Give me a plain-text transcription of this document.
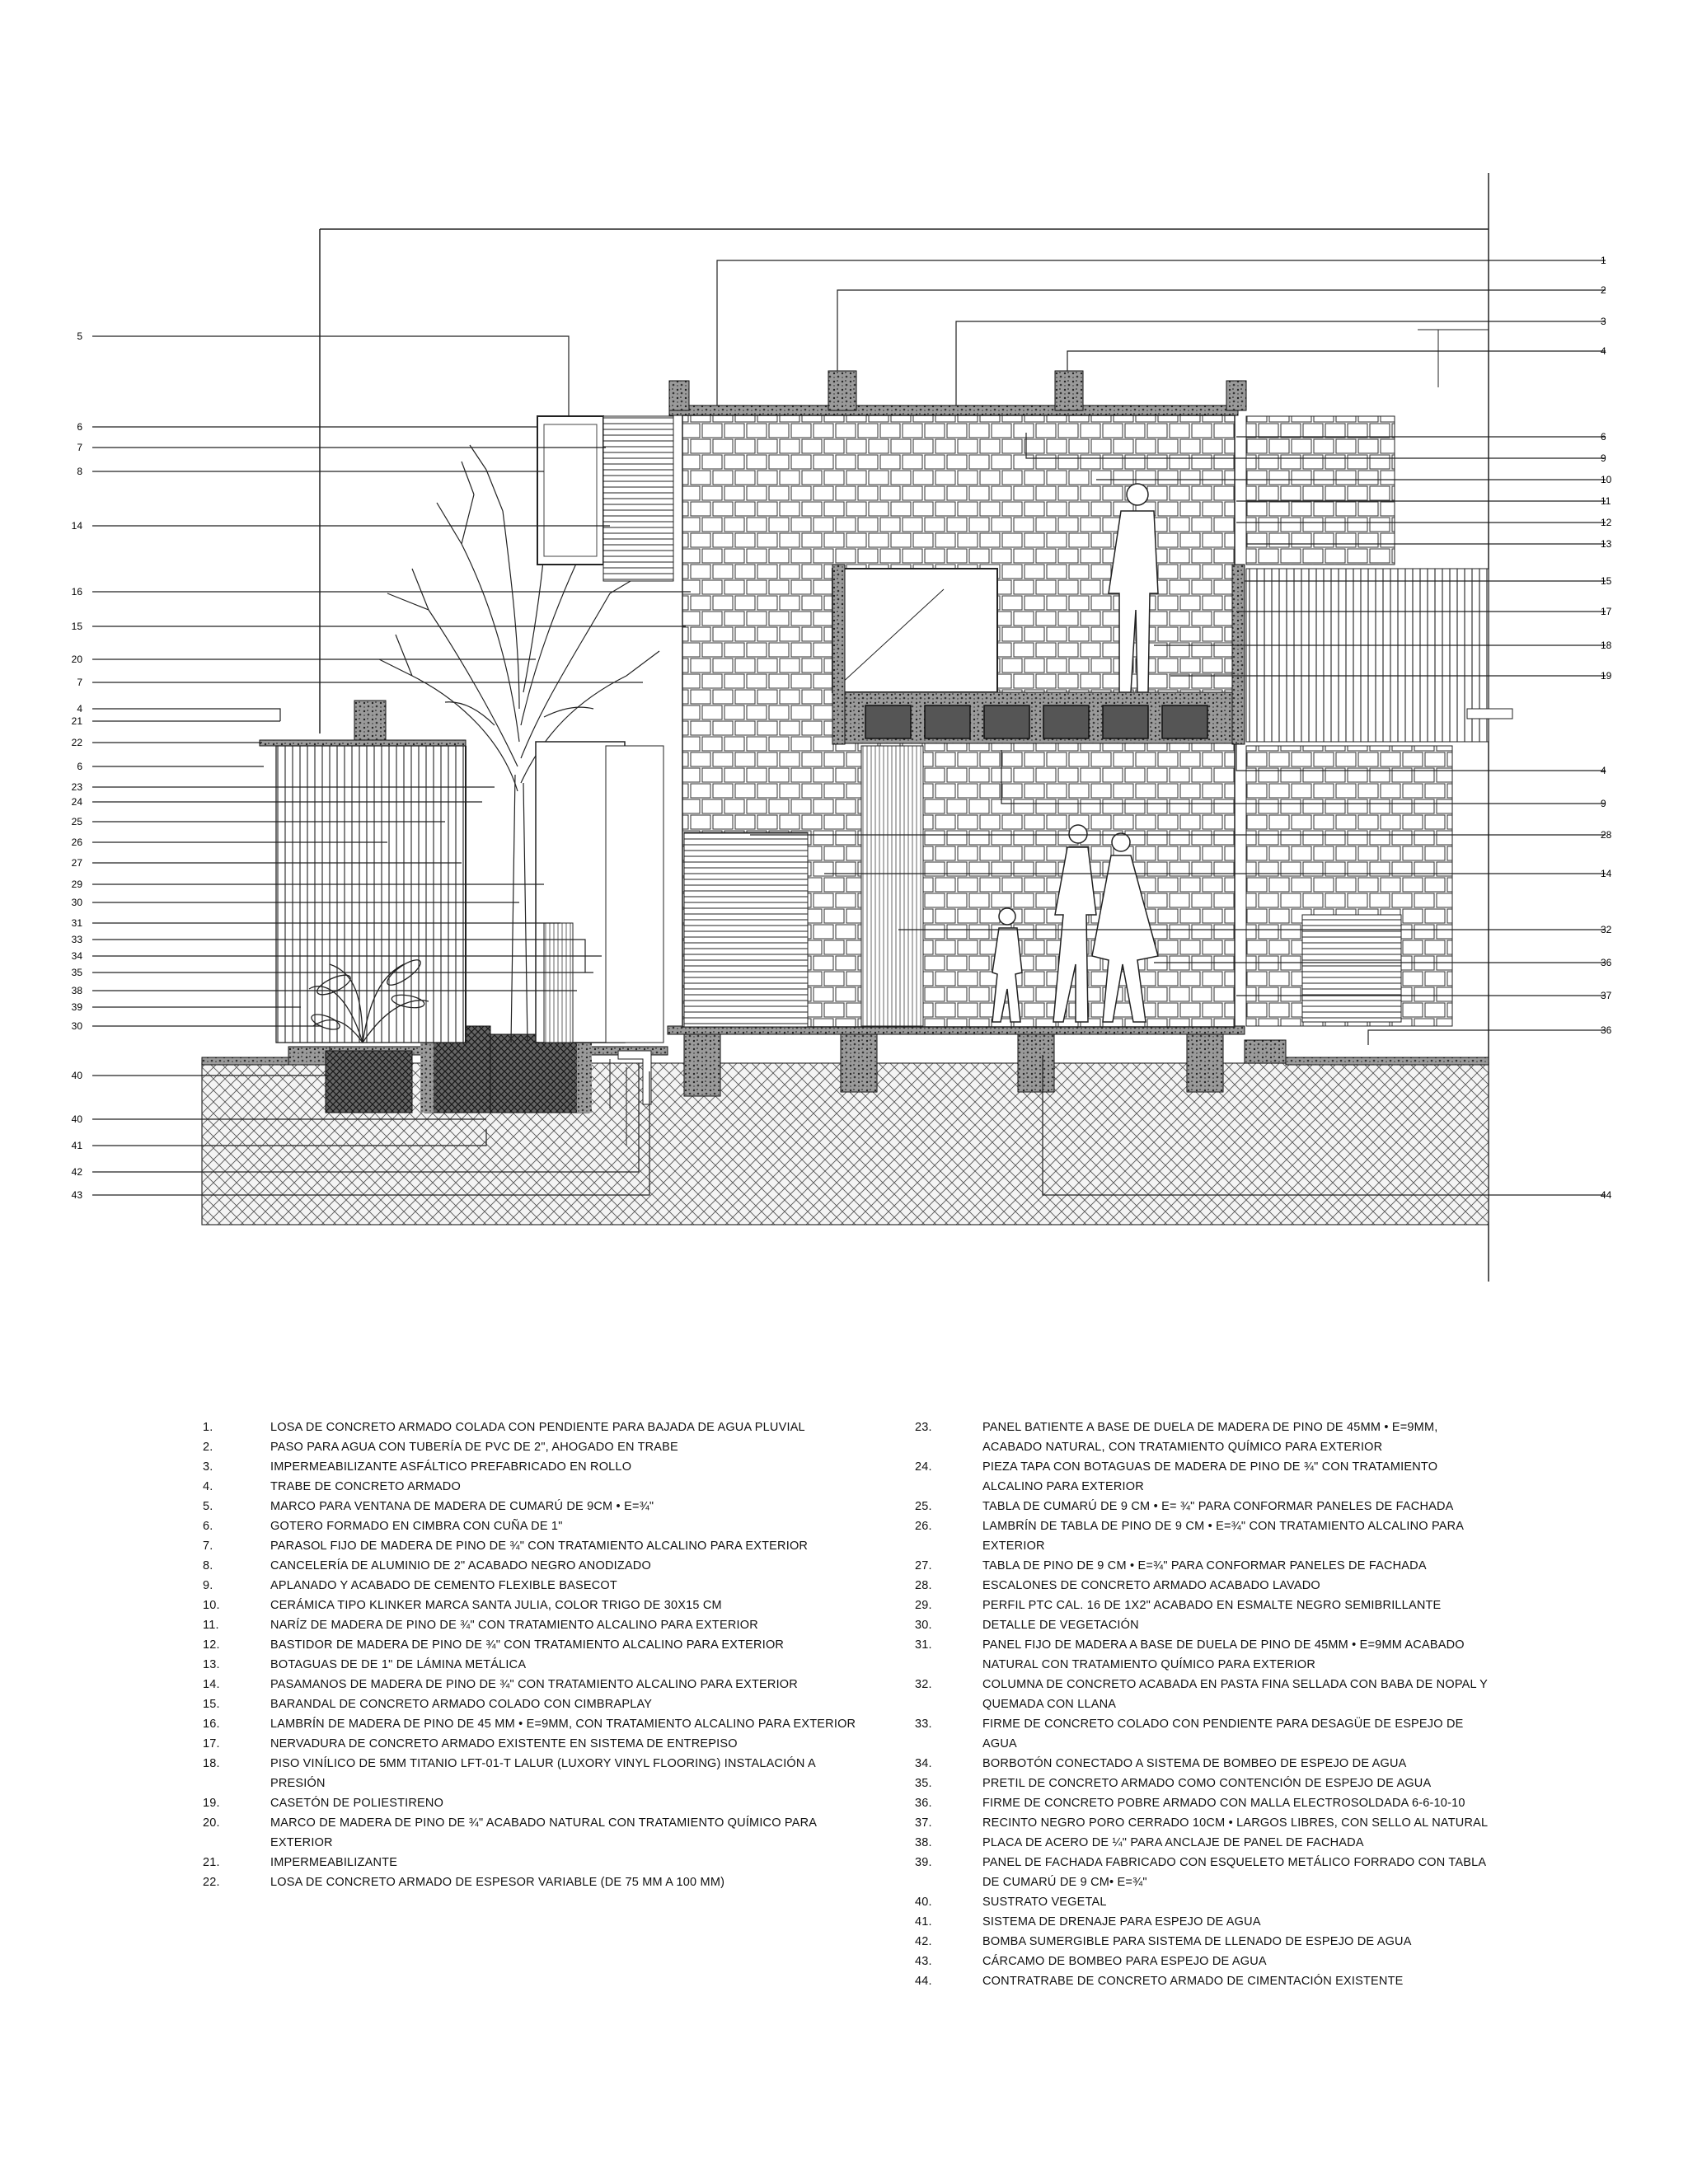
5
6
7
8
14
16
15
20
7
4
21
22
6
23
24
25
26
27
29
30
31
33
34
35
38
39
30
40
40
41
42
43
1
2
3
4
6
9
10
11
12
13
15
17
18
19
4
9
28
14
32
36
37
36
44
1.	LOSA DE CONCRETO ARMADO COLADA CON PENDIENTE PARA BAJADA DE AGUA PLUVIAL
2.	PASO PARA AGUA CON TUBERÍA DE PVC DE 2", AHOGADO EN TRABE
3.	IMPERMEABILIZANTE ASFÁLTICO PREFABRICADO EN ROLLO
4.	TRABE DE CONCRETO ARMADO
5.	MARCO PARA VENTANA DE MADERA DE CUMARÚ DE 9CM • E=¾"
6.	GOTERO FORMADO EN CIMBRA CON CUÑA DE 1"
7.	PARASOL FIJO DE MADERA DE PINO DE ¾" CON TRATAMIENTO ALCALINO PARA EXTERIOR
8.	CANCELERÍA DE ALUMINIO DE 2" ACABADO NEGRO ANODIZADO
9.	APLANADO Y ACABADO DE CEMENTO FLEXIBLE BASECOT
10.	CERÁMICA TIPO KLINKER MARCA SANTA JULIA, COLOR TRIGO DE 30X15 CM
11.	NARÍZ DE MADERA DE PINO DE ¾" CON TRATAMIENTO ALCALINO PARA EXTERIOR
12.	BASTIDOR DE MADERA DE PINO DE ¾" CON TRATAMIENTO ALCALINO PARA EXTERIOR
13.	BOTAGUAS DE DE 1" DE LÁMINA METÁLICA
14.	PASAMANOS DE MADERA DE PINO DE ¾" CON TRATAMIENTO ALCALINO PARA EXTERIOR
15.	BARANDAL DE CONCRETO ARMADO COLADO CON CIMBRAPLAY
16.	LAMBRÍN DE MADERA DE PINO DE 45 MM • E=9MM, CON TRATAMIENTO ALCALINO PARA EXTERIOR
17.	NERVADURA DE CONCRETO ARMADO EXISTENTE EN SISTEMA DE ENTREPISO
18.	PISO VINÍLICO DE 5MM TITANIO LFT-01-T LALUR (LUXORY VINYL FLOORING) INSTALACIÓN A PRESIÓN
19.	CASETÓN DE POLIESTIRENO
20.	MARCO DE MADERA DE PINO DE ¾" ACABADO NATURAL CON TRATAMIENTO QUÍMICO PARA EXTERIOR
21.	IMPERMEABILIZANTE
22.	LOSA DE CONCRETO ARMADO DE ESPESOR VARIABLE (DE 75 MM A 100 MM)
23.	PANEL BATIENTE A BASE DE DUELA DE MADERA DE PINO DE 45MM • E=9MM, ACABADO NATURAL, CON TRATAMIENTO QUÍMICO PARA EXTERIOR
24.	PIEZA TAPA CON BOTAGUAS DE MADERA DE PINO DE ¾" CON TRATAMIENTO ALCALINO PARA EXTERIOR
25.	TABLA DE CUMARÚ DE 9 CM • E= ¾" PARA CONFORMAR PANELES DE FACHADA
26.	LAMBRÍN DE TABLA DE PINO DE 9 CM • E=¾" CON TRATAMIENTO ALCALINO PARA EXTERIOR
27.	TABLA DE PINO DE 9 CM • E=¾" PARA CONFORMAR PANELES DE FACHADA
28.	ESCALONES DE CONCRETO ARMADO ACABADO LAVADO
29.	PERFIL PTC CAL. 16 DE 1X2" ACABADO EN ESMALTE NEGRO SEMIBRILLANTE
30.	DETALLE DE VEGETACIÓN
31.	PANEL FIJO DE MADERA A BASE DE DUELA DE PINO DE 45MM • E=9MM ACABADO NATURAL CON TRATAMIENTO QUÍMICO PARA EXTERIOR
32.	COLUMNA DE CONCRETO ACABADA EN PASTA FINA SELLADA CON BABA DE NOPAL Y QUEMADA CON LLANA
33.	FIRME DE CONCRETO COLADO CON PENDIENTE PARA DESAGÜE DE ESPEJO DE AGUA
34.	BORBOTÓN CONECTADO A SISTEMA DE BOMBEO DE ESPEJO DE AGUA
35.	PRETIL DE CONCRETO ARMADO COMO CONTENCIÓN DE ESPEJO DE AGUA
36.	FIRME DE CONCRETO POBRE ARMADO CON MALLA ELECTROSOLDADA 6-6-10-10
37.	RECINTO NEGRO PORO CERRADO 10CM • LARGOS LIBRES, CON SELLO AL NATURAL
38.	PLACA DE ACERO DE ¼" PARA ANCLAJE DE PANEL DE FACHADA
39.	PANEL DE FACHADA FABRICADO CON ESQUELETO METÁLICO FORRADO CON TABLA DE CUMARÚ DE 9 CM• E=¾"
40.	SUSTRATO VEGETAL
41.	SISTEMA DE DRENAJE PARA ESPEJO DE AGUA
42.	BOMBA SUMERGIBLE PARA SISTEMA DE LLENADO DE ESPEJO DE AGUA
43.	CÁRCAMO DE BOMBEO PARA ESPEJO DE AGUA
44.	CONTRATRABE DE CONCRETO ARMADO DE CIMENTACIÓN EXISTENTE
